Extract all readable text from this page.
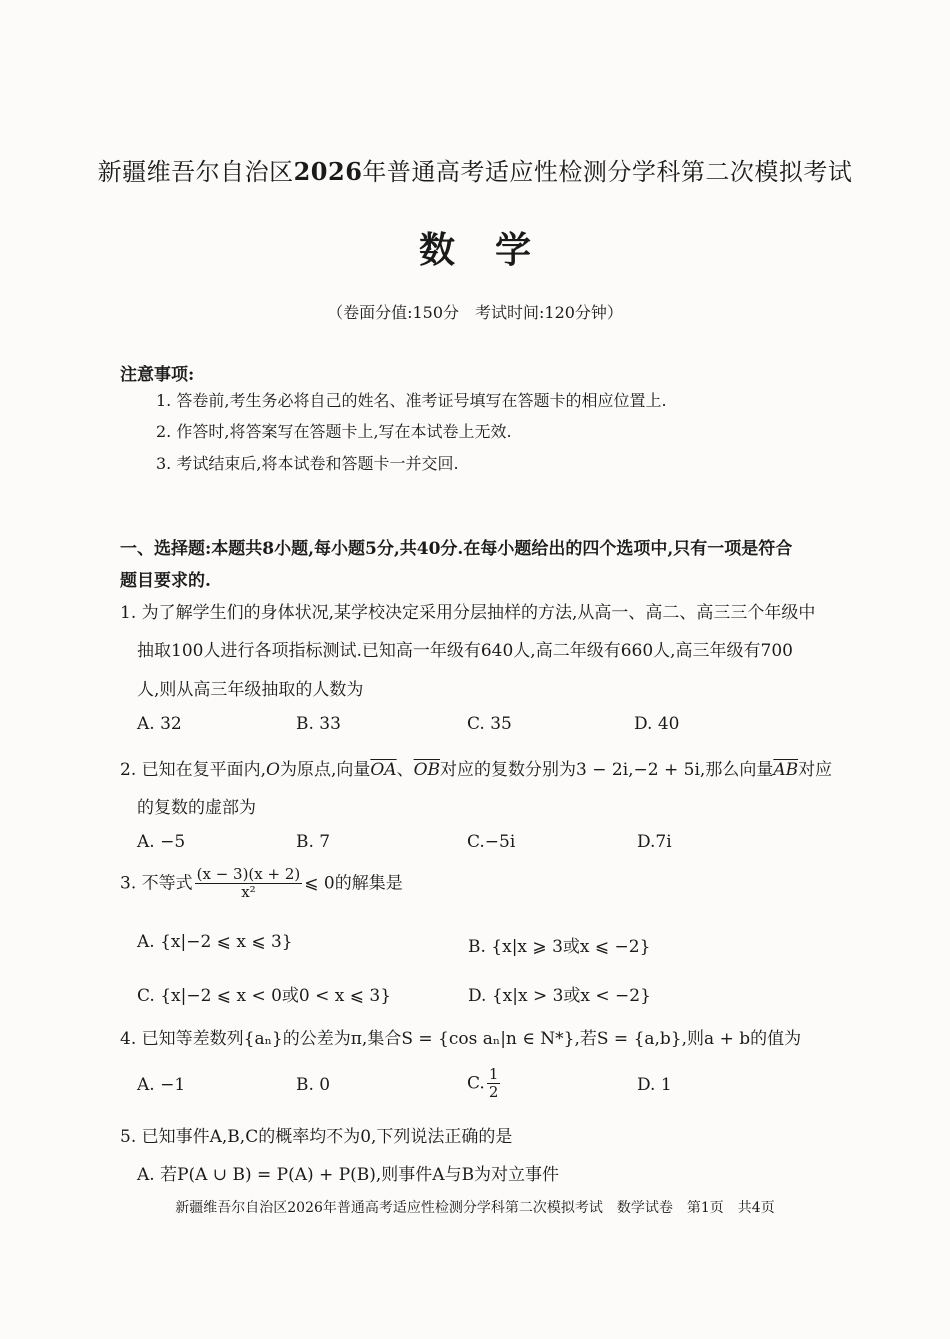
新疆维吾尔自治区2026年普通高考适应性检测分学科第二次模拟考试
数学
（卷面分值:150分　考试时间:120分钟）
注意事项:
1. 答卷前,考生务必将自己的姓名、准考证号填写在答题卡的相应位置上.
2. 作答时,将答案写在答题卡上,写在本试卷上无效.
3. 考试结束后,将本试卷和答题卡一并交回.
一、选择题:本题共8小题,每小题5分,共40分.在每小题给出的四个选项中,只有一项是符合
题目要求的.
1. 为了解学生们的身体状况,某学校决定采用分层抽样的方法,从高一、高二、高三三个年级中
抽取100人进行各项指标测试.已知高一年级有640人,高二年级有660人,高三年级有700
人,则从高三年级抽取的人数为
A. 32	B. 33	C. 35	D. 40
2. 已知在复平面内,O为原点,向量$\overline{OA}$、$\overline{OB}$对应的复数分别为3 − 2i,−2 + 5i,那么向量$\overline{AB}$对应
的复数的虚部为
A. −5	B. 7	C.−5i	D.7i
3. 不等式 $\frac{(x - 3)(x + 2)}{\text{x²}}$ ⩽ 0的解集是
A. {x|−2 ⩽ x ⩽ 3}	B. {x|x ⩾ 3或x ⩽ −2}
C. {x|−2 ⩽ x < 0或0 < x ⩽ 3}	D. {x|x > 3或x < −2}
4. 已知等差数列{aₙ}的公差为π,集合S = {cos aₙ|n ∈ N*},若S = {a,b},则a + b的值为
A. −1	B. 0	C. $\frac{1}{2}$	D. 1
5. 已知事件A,B,C的概率均不为0,下列说法正确的是
A. 若P(A ∪ B) = P(A) + P(B),则事件A与B为对立事件
新疆维吾尔自治区2026年普通高考适应性检测分学科第二次模拟考试　数学试卷　第1页　共4页
